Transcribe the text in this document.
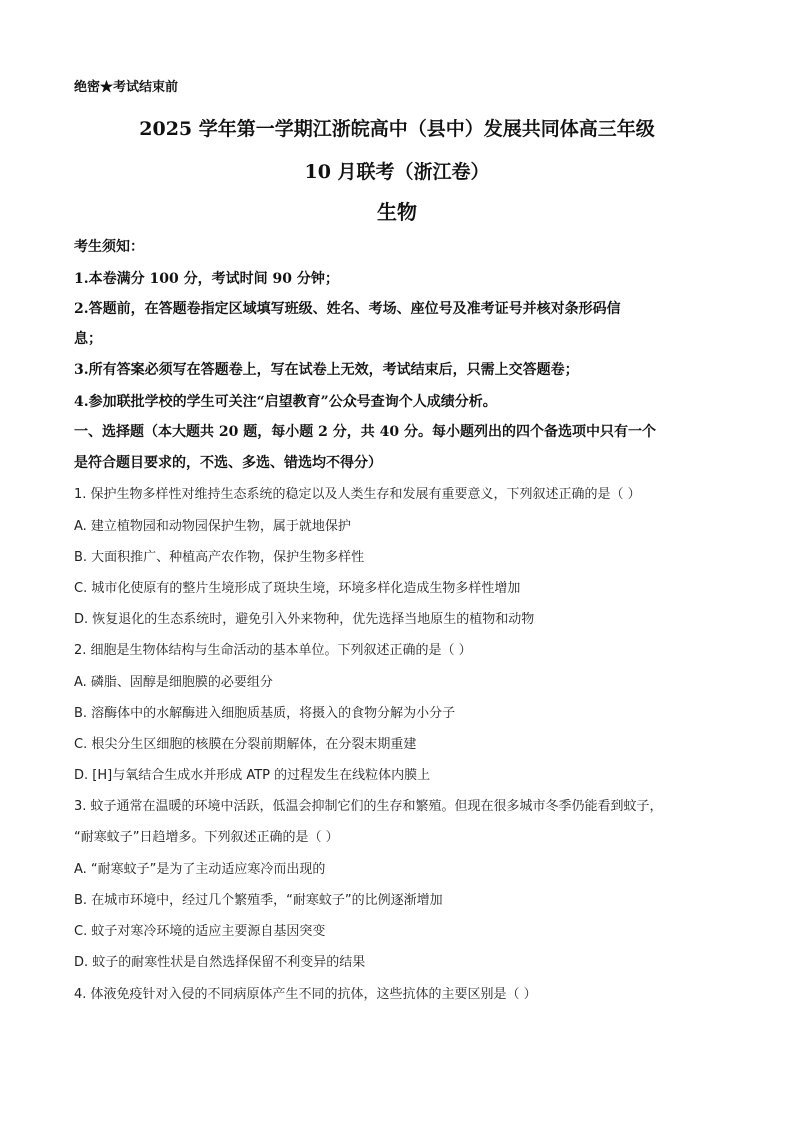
绝密★考试结束前
2025 学年第一学期江浙皖高中（县中）发展共同体高三年级
10 月联考（浙江卷）
生物
考生须知：
1.本卷满分 100 分，考试时间 90 分钟；
2.答题前，在答题卷指定区域填写班级、姓名、考场、座位号及准考证号并核对条形码信
息；
3.所有答案必须写在答题卷上，写在试卷上无效，考试结束后，只需上交答题卷；
4.参加联批学校的学生可关注“启望教育”公众号查询个人成绩分析。
一、选择题（本大题共 20 题，每小题 2 分，共 40 分。每小题列出的四个备选项中只有一个
是符合题目要求的，不选、多选、错选均不得分）
1. 保护生物多样性对维持生态系统的稳定以及人类生存和发展有重要意义，下列叙述正确的是（ ）
A. 建立植物园和动物园保护生物，属于就地保护
B. 大面积推广、种植高产农作物，保护生物多样性
C. 城市化使原有的整片生境形成了斑块生境，环境多样化造成生物多样性增加
D. 恢复退化的生态系统时，避免引入外来物种，优先选择当地原生的植物和动物
2. 细胞是生物体结构与生命活动的基本单位。下列叙述正确的是（ ）
A. 磷脂、固醇是细胞膜的必要组分
B. 溶酶体中的水解酶进入细胞质基质，将摄入的食物分解为小分子
C. 根尖分生区细胞的核膜在分裂前期解体，在分裂末期重建
D. [H]与氧结合生成水并形成 ATP 的过程发生在线粒体内膜上
3. 蚊子通常在温暖的环境中活跃，低温会抑制它们的生存和繁殖。但现在很多城市冬季仍能看到蚊子，
“耐寒蚊子”日趋增多。下列叙述正确的是（ ）
A. “耐寒蚊子”是为了主动适应寒冷而出现的
B. 在城市环境中，经过几个繁殖季，“耐寒蚊子”的比例逐渐增加
C. 蚊子对寒冷环境的适应主要源自基因突变
D. 蚊子的耐寒性状是自然选择保留不利变异的结果
4. 体液免疫针对入侵的不同病原体产生不同的抗体，这些抗体的主要区别是（ ）
